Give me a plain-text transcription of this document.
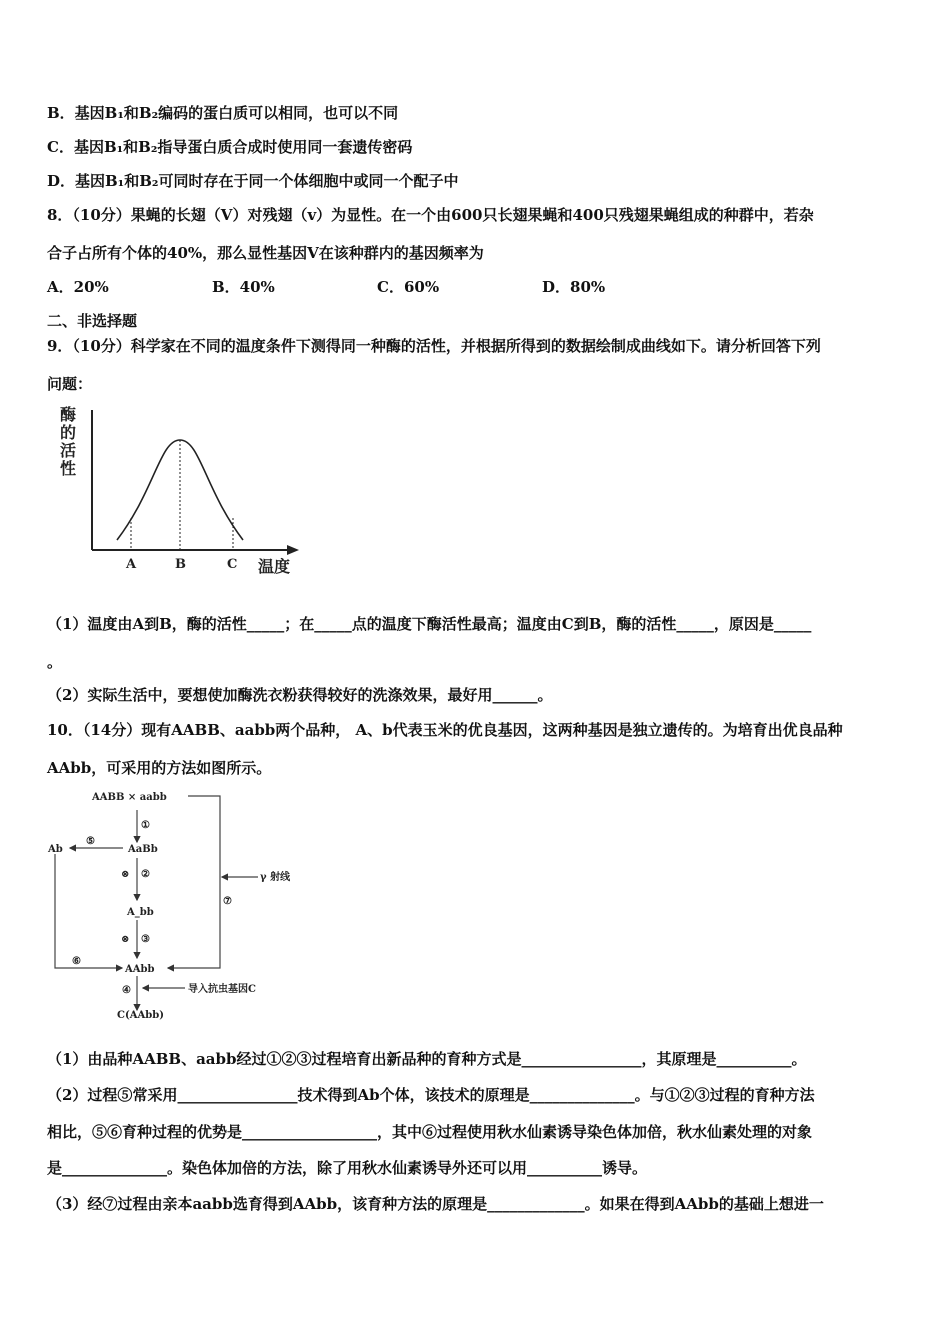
B．基因B₁和B₂编码的蛋白质可以相同，也可以不同
C．基因B₁和B₂指导蛋白质合成时使用同一套遗传密码
D．基因B₁和B₂可同时存在于同一个体细胞中或同一个配子中
8．（10分）果蝇的长翅（V）对残翅（v）为显性。在一个由600只长翅果蝇和400只残翅果蝇组成的种群中，若杂
合子占所有个体的40%，那么显性基因V在该种群内的基因频率为
A．20%	B．40%	C．60%	D．80%
二、非选择题
9．（10分）科学家在不同的温度条件下测得同一种酶的活性，并根据所得到的数据绘制成曲线如下。请分析回答下列
问题：
酶
的
活
性
A	B	C 温度
（1）温度由A到B，酶的活性_____；在_____点的温度下酶活性最高；温度由C到B，酶的活性_____，原因是_____
。
（2）实际生活中，要想使加酶洗衣粉获得较好的洗涤效果，最好用______。
10．（14分）现有AABB、aabb两个品种， A、b代表玉米的优良基因，这两种基因是独立遗传的。为培育出优良品种
AAbb，可采用的方法如图所示。
AABB × aabb
AaBb
Ab
A_bb
AAbb
C(AAbb)
γ 射线
导入抗虫基因C
①
②
③
④
⑤
⑥
⑦
⊗
⊗
（1）由品种AABB、aabb经过①②③过程培育出新品种的育种方式是________________，其原理是__________。
（2）过程⑤常采用________________技术得到Ab个体，该技术的原理是______________。与①②③过程的育种方法
相比，⑤⑥育种过程的优势是__________________，其中⑥过程使用秋水仙素诱导染色体加倍，秋水仙素处理的对象
是______________。染色体加倍的方法，除了用秋水仙素诱导外还可以用__________诱导。
（3）经⑦过程由亲本aabb选育得到AAbb，该育种方法的原理是_____________。如果在得到AAbb的基础上想进一
